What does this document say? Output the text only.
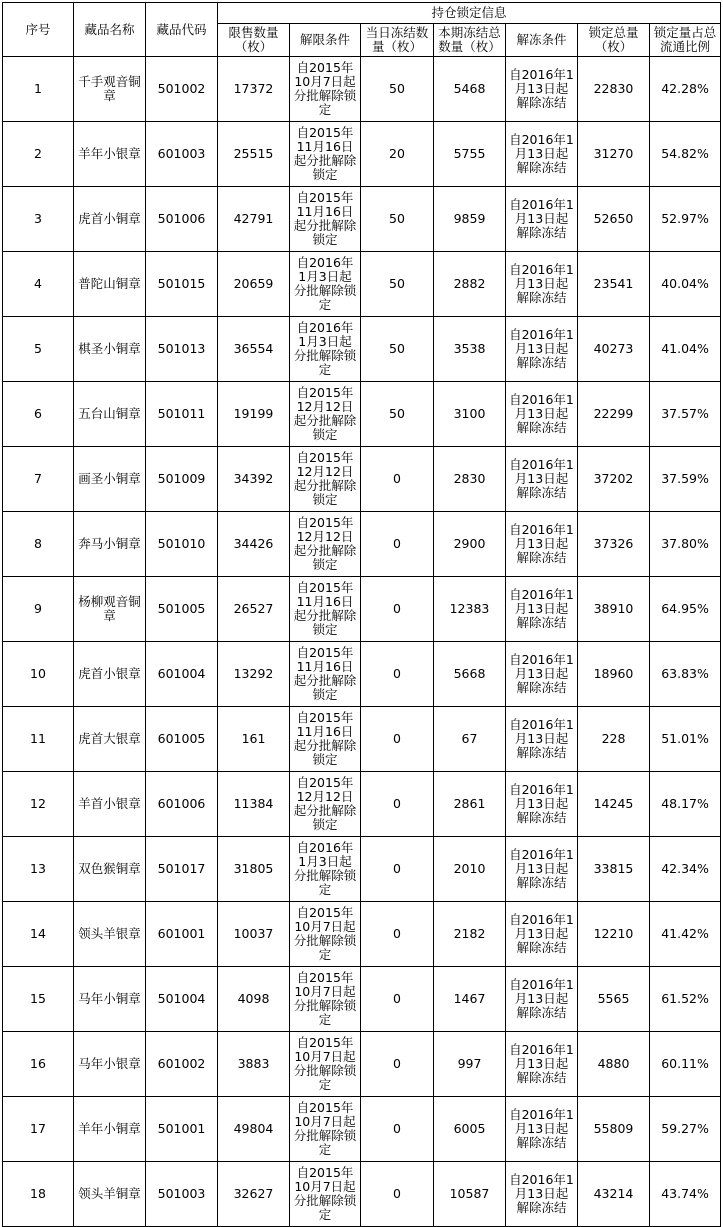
序号	藏品名称	藏品代码	持仓锁定信息						
			限售数量（枚）	解限条件	当日冻结数量（枚）	本期冻结总数量（枚）	解冻条件	锁定总量（枚）	锁定量占总流通比例
1	千手观音铜章	501002	17372	自2015年10月7日起分批解除锁定	50	5468	自2016年1月13日起解除冻结	22830	42.28%
2	羊年小银章	601003	25515	自2015年11月16日起分批解除锁定	20	5755	自2016年1月13日起解除冻结	31270	54.82%
3	虎首小铜章	501006	42791	自2015年11月16日起分批解除锁定	50	9859	自2016年1月13日起解除冻结	52650	52.97%
4	普陀山铜章	501015	20659	自2016年1月3日起分批解除锁定	50	2882	自2016年1月13日起解除冻结	23541	40.04%
5	棋圣小铜章	501013	36554	自2016年1月3日起分批解除锁定	50	3538	自2016年1月13日起解除冻结	40273	41.04%
6	五台山铜章	501011	19199	自2015年12月12日起分批解除锁定	50	3100	自2016年1月13日起解除冻结	22299	37.57%
7	画圣小铜章	501009	34392	自2015年12月12日起分批解除锁定	0	2830	自2016年1月13日起解除冻结	37202	37.59%
8	奔马小铜章	501010	34426	自2015年12月12日起分批解除锁定	0	2900	自2016年1月13日起解除冻结	37326	37.80%
9	杨柳观音铜章	501005	26527	自2015年11月16日起分批解除锁定	0	12383	自2016年1月13日起解除冻结	38910	64.95%
10	虎首小银章	601004	13292	自2015年11月16日起分批解除锁定	0	5668	自2016年1月13日起解除冻结	18960	63.83%
11	虎首大银章	601005	161	自2015年11月16日起分批解除锁定	0	67	自2016年1月13日起解除冻结	228	51.01%
12	羊首小银章	601006	11384	自2015年12月12日起分批解除锁定	0	2861	自2016年1月13日起解除冻结	14245	48.17%
13	双色猴铜章	501017	31805	自2016年1月3日起分批解除锁定	0	2010	自2016年1月13日起解除冻结	33815	42.34%
14	领头羊银章	601001	10037	自2015年10月7日起分批解除锁定	0	2182	自2016年1月13日起解除冻结	12210	41.42%
15	马年小铜章	501004	4098	自2015年10月7日起分批解除锁定	0	1467	自2016年1月13日起解除冻结	5565	61.52%
16	马年小银章	601002	3883	自2015年10月7日起分批解除锁定	0	997	自2016年1月13日起解除冻结	4880	60.11%
17	羊年小铜章	501001	49804	自2015年10月7日起分批解除锁定	0	6005	自2016年1月13日起解除冻结	55809	59.27%
18	领头羊铜章	501003	32627	自2015年10月7日起分批解除锁定	0	10587	自2016年1月13日起解除冻结	43214	43.74%
